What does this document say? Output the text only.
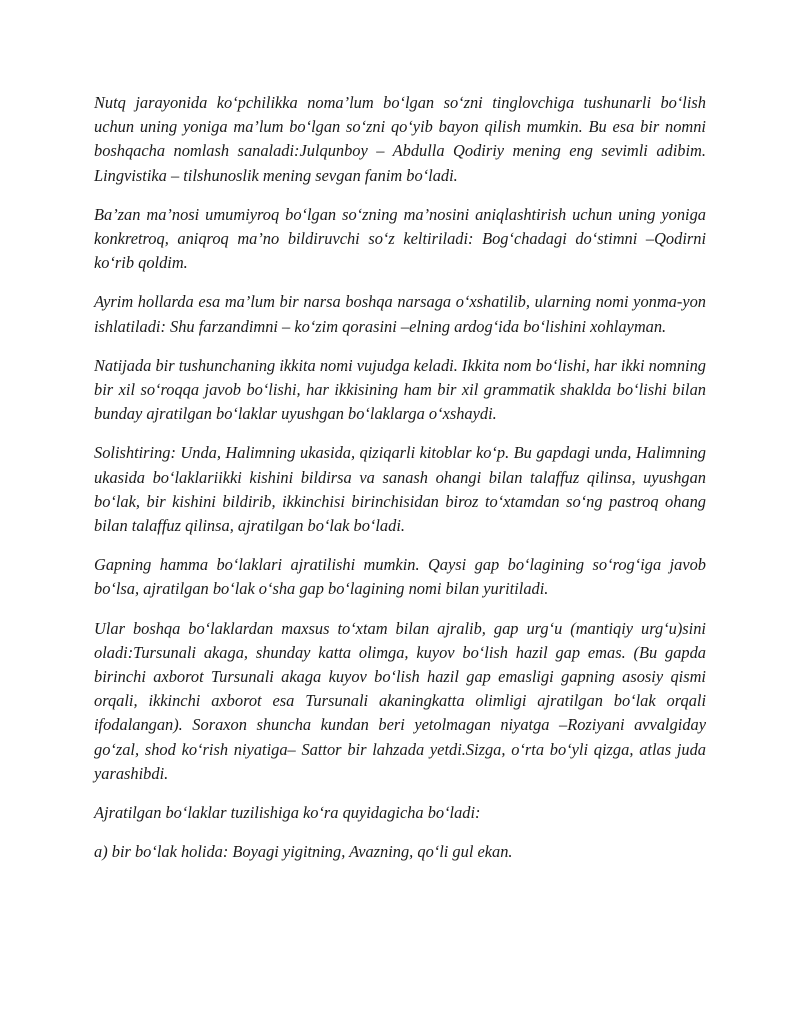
Nutq jarayonida ko‘pchilikka noma’lum bo‘lgan so‘zni tinglovchiga tushunarli bo‘lish uchun uning yoniga ma’lum bo‘lgan so‘zni qo‘yib bayon qilish mumkin. Bu esa bir nomni boshqacha nomlash sanaladi:Julqunboy – Abdulla Qodiriy mening eng sevimli adibim. Lingvistika – tilshunoslik mening sevgan fanim bo‘ladi.

Ba’zan ma’nosi umumiyroq bo‘lgan so‘zning ma’nosini aniqlashtirish uchun uning yoniga konkretroq, aniqroq ma’no bildiruvchi so‘z keltiriladi: Bog‘chadagi do‘stimni –Qodirni ko‘rib qoldim.

Ayrim hollarda esa ma’lum bir narsa boshqa narsaga o‘xshatilib, ularning nomi yonma-yon ishlatiladi: Shu farzandimni – ko‘zim qorasini –elning ardog‘ida bo‘lishini xohlayman.

Natijada bir tushunchaning ikkita nomi vujudga keladi. Ikkita nom bo‘lishi, har ikki nomning bir xil so‘roqqa javob bo‘lishi, har ikkisining ham bir xil grammatik shaklda bo‘lishi bilan bunday ajratilgan bo‘laklar uyushgan bo‘laklarga o‘xshaydi.

Solishtiring: Unda, Halimning ukasida, qiziqarli kitoblar ko‘p. Bu gapdagi unda, Halimning ukasida bo‘laklariikki kishini bildirsa va sanash ohangi bilan talaffuz qilinsa, uyushgan bo‘lak, bir kishini bildirib, ikkinchisi birinchisidan biroz to‘xtamdan so‘ng pastroq ohang bilan talaffuz qilinsa, ajratilgan bo‘lak bo‘ladi.

Gapning hamma bo‘laklari ajratilishi mumkin. Qaysi gap bo‘lagining so‘rog‘iga javob bo‘lsa, ajratilgan bo‘lak o‘sha gap bo‘lagining nomi bilan yuritiladi.

Ular boshqa bo‘laklardan maxsus to‘xtam bilan ajralib, gap urg‘u (mantiqiy urg‘u)sini oladi:Tursunali akaga, shunday katta olimga, kuyov bo‘lish hazil gap emas. (Bu gapda birinchi axborot Tursunali akaga kuyov bo‘lish hazil gap emasligi gapning asosiy qismi orqali, ikkinchi axborot esa Tursunali akaningkatta olimligi ajratilgan bo‘lak orqali ifodalangan). Soraxon shuncha kundan beri yetolmagan niyatga –Roziyani avvalgiday go‘zal, shod ko‘rish niyatiga– Sattor bir lahzada yetdi.Sizga, o‘rta bo‘yli qizga, atlas juda yarashibdi.

Ajratilgan bo‘laklar tuzilishiga ko‘ra quyidagicha bo‘ladi:

a) bir bo‘lak holida: Boyagi yigitning, Avazning, qo‘li gul ekan.
